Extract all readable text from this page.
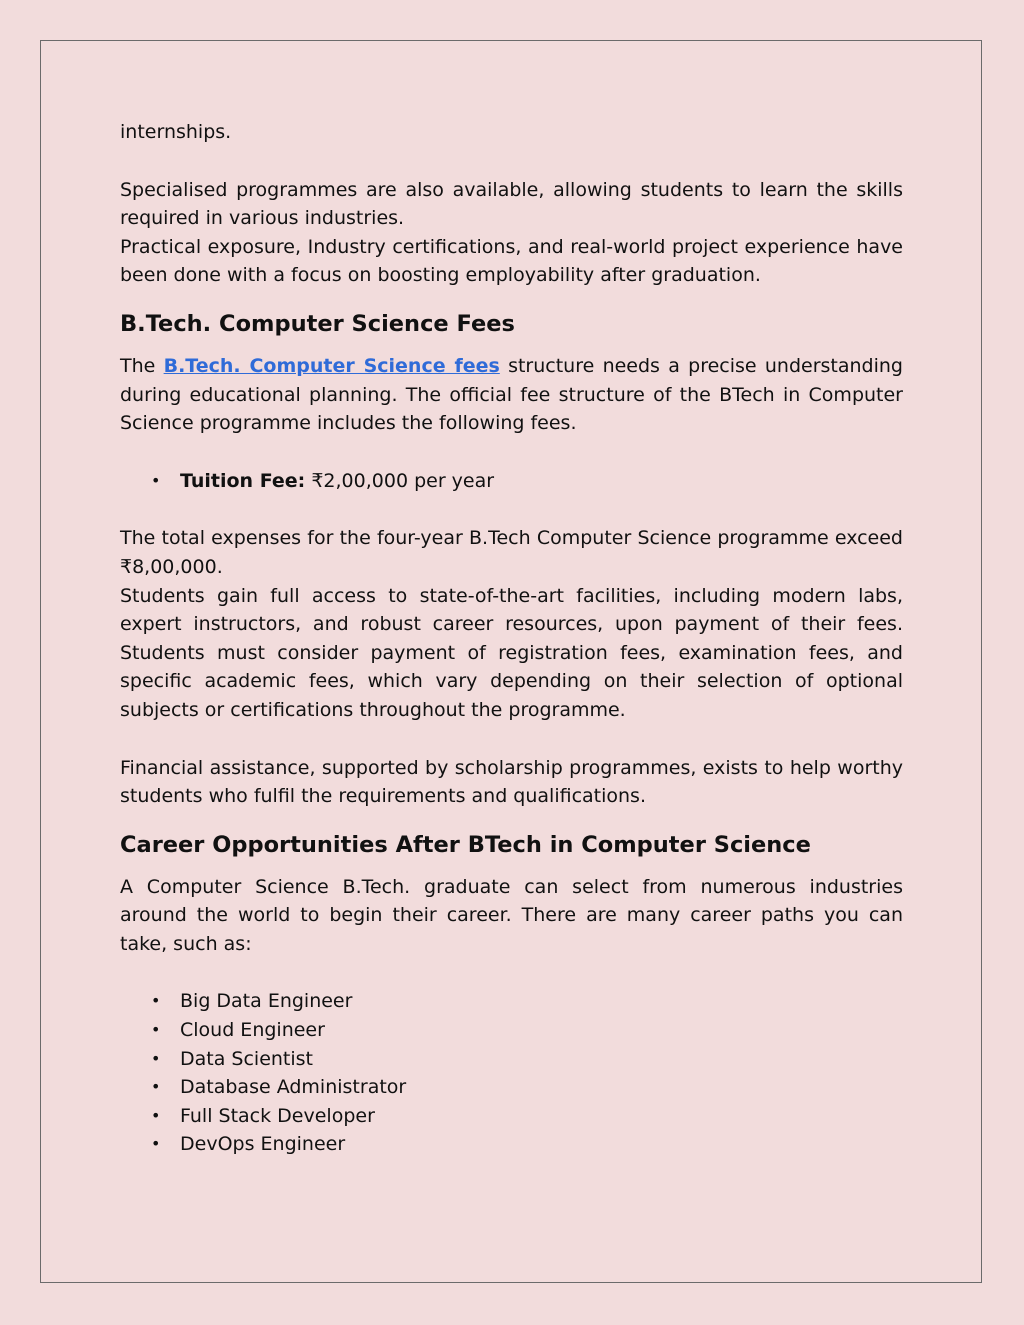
internships.

Specialised programmes are also available, allowing students to learn the skills required in various industries.

Practical exposure, Industry certifications, and real-world project experience have been done with a focus on boosting employability after graduation.

B.Tech. Computer Science Fees

The B.Tech. Computer Science fees structure needs a precise understanding during educational planning. The official fee structure of the BTech in Computer Science programme includes the following fees.

• Tuition Fee: ₹2,00,000 per year

The total expenses for the four-year B.Tech Computer Science programme exceed ₹8,00,000.

Students gain full access to state-of-the-art facilities, including modern labs, expert instructors, and robust career resources, upon payment of their fees. Students must consider payment of registration fees, examination fees, and specific academic fees, which vary depending on their selection of optional subjects or certifications throughout the programme.

Financial assistance, supported by scholarship programmes, exists to help worthy students who fulfil the requirements and qualifications.

Career Opportunities After BTech in Computer Science

A Computer Science B.Tech. graduate can select from numerous industries around the world to begin their career. There are many career paths you can take, such as:

• Big Data Engineer
• Cloud Engineer
• Data Scientist
• Database Administrator
• Full Stack Developer
• DevOps Engineer
